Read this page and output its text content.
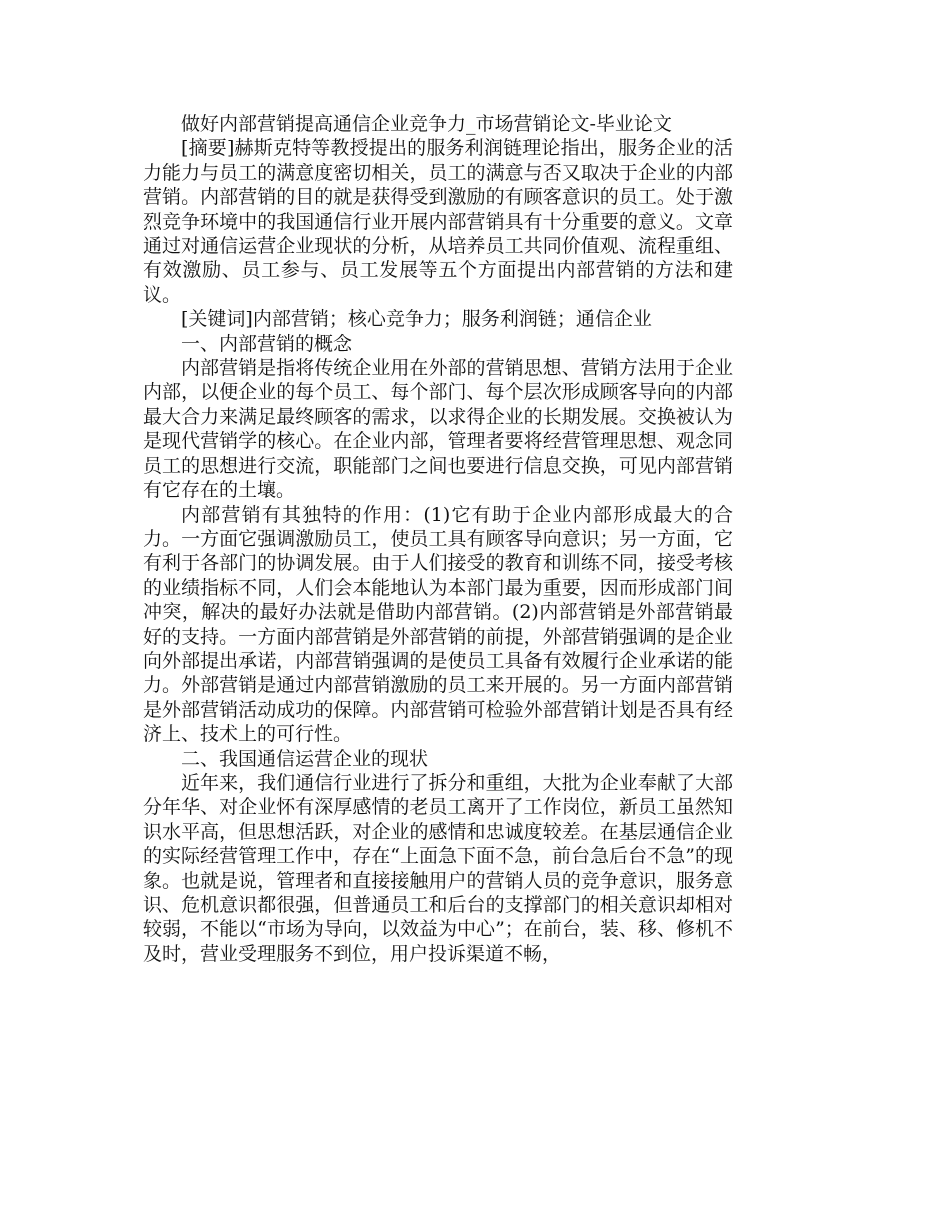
做好内部营销提高通信企业竞争力_市场营销论文-毕业论文

[摘要]赫斯克特等教授提出的服务利润链理论指出，服务企业的活力能力与员工的满意度密切相关，员工的满意与否又取决于企业的内部营销。内部营销的目的就是获得受到激励的有顾客意识的员工。处于激烈竞争环境中的我国通信行业开展内部营销具有十分重要的意义。文章通过对通信运营企业现状的分析，从培养员工共同价值观、流程重组、有效激励、员工参与、员工发展等五个方面提出内部营销的方法和建议。

[关键词]内部营销；核心竞争力；服务利润链；通信企业

一、内部营销的概念

内部营销是指将传统企业用在外部的营销思想、营销方法用于企业内部，以便企业的每个员工、每个部门、每个层次形成顾客导向的内部最大合力来满足最终顾客的需求，以求得企业的长期发展。交换被认为是现代营销学的核心。在企业内部，管理者要将经营管理思想、观念同员工的思想进行交流，职能部门之间也要进行信息交换，可见内部营销有它存在的土壤。

内部营销有其独特的作用：(1)它有助于企业内部形成最大的合力。一方面它强调激励员工，使员工具有顾客导向意识；另一方面，它有利于各部门的协调发展。由于人们接受的教育和训练不同，接受考核的业绩指标不同，人们会本能地认为本部门最为重要，因而形成部门间冲突，解决的最好办法就是借助内部营销。(2)内部营销是外部营销最好的支持。一方面内部营销是外部营销的前提，外部营销强调的是企业向外部提出承诺，内部营销强调的是使员工具备有效履行企业承诺的能力。外部营销是通过内部营销激励的员工来开展的。另一方面内部营销是外部营销活动成功的保障。内部营销可检验外部营销计划是否具有经济上、技术上的可行性。

二、我国通信运营企业的现状

近年来，我们通信行业进行了拆分和重组，大批为企业奉献了大部分年华、对企业怀有深厚感情的老员工离开了工作岗位，新员工虽然知识水平高，但思想活跃，对企业的感情和忠诚度较差。在基层通信企业的实际经营管理工作中，存在“上面急下面不急，前台急后台不急”的现象。也就是说，管理者和直接接触用户的营销人员的竞争意识，服务意识、危机意识都很强，但普通员工和后台的支撑部门的相关意识却相对较弱，不能以“市场为导向，以效益为中心”；在前台，装、移、修机不及时，营业受理服务不到位，用户投诉渠道不畅，
